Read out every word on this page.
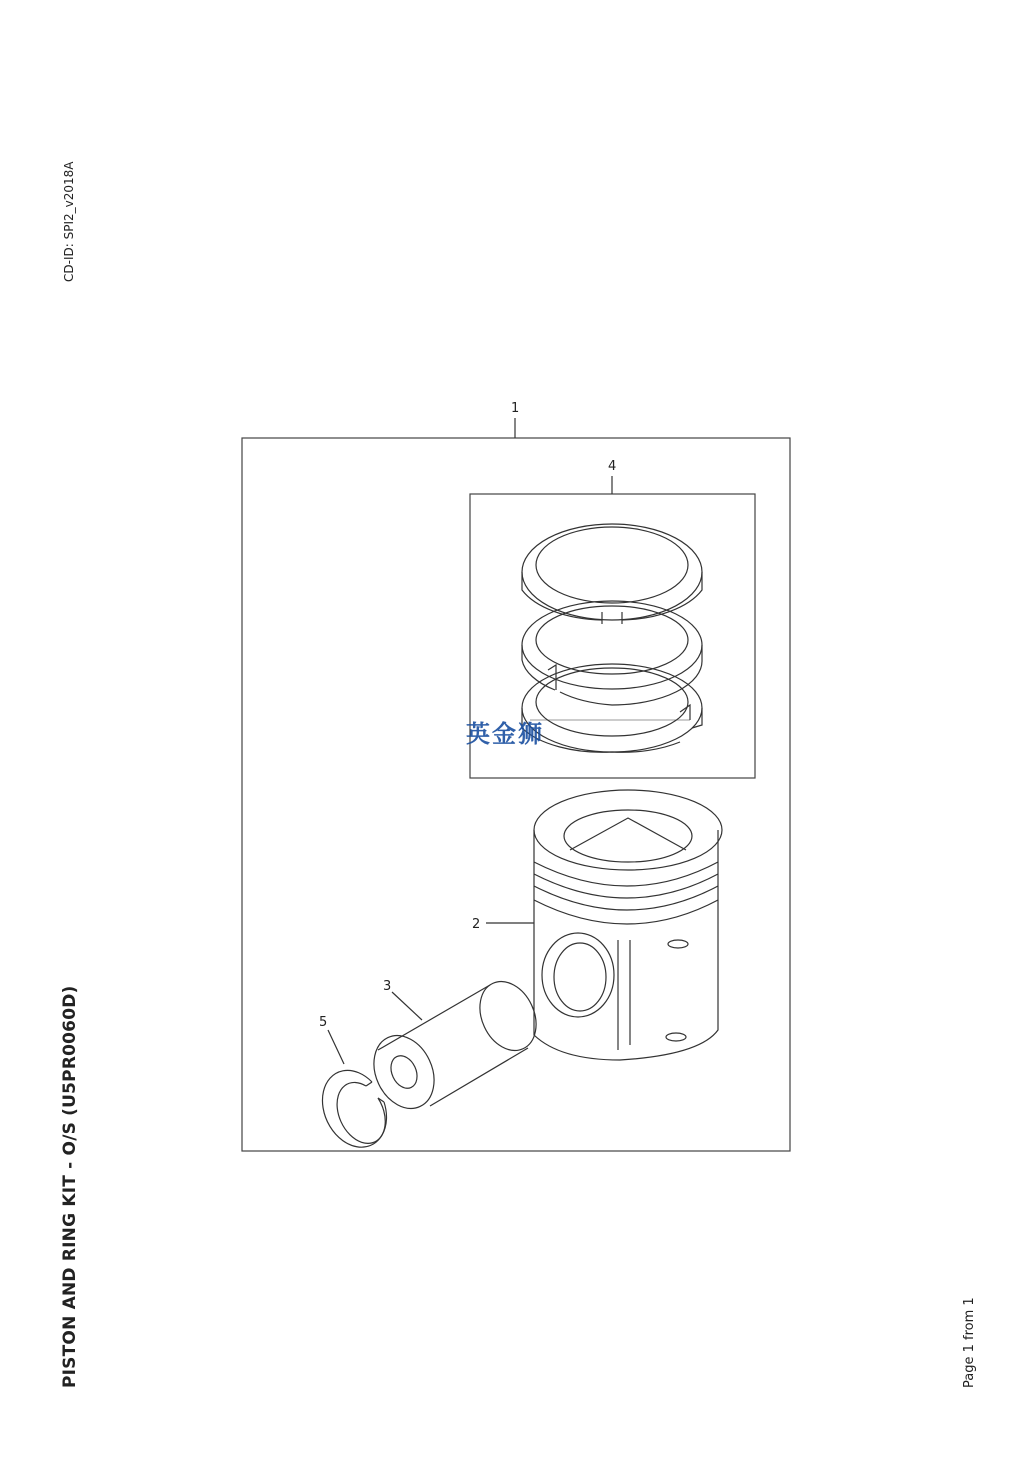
CD-ID: SPI2_v2018A
PISTON AND RING KIT - O/S (U5PR0060D)	Page 1 from 1
1
4
2
3
5
英金狮
